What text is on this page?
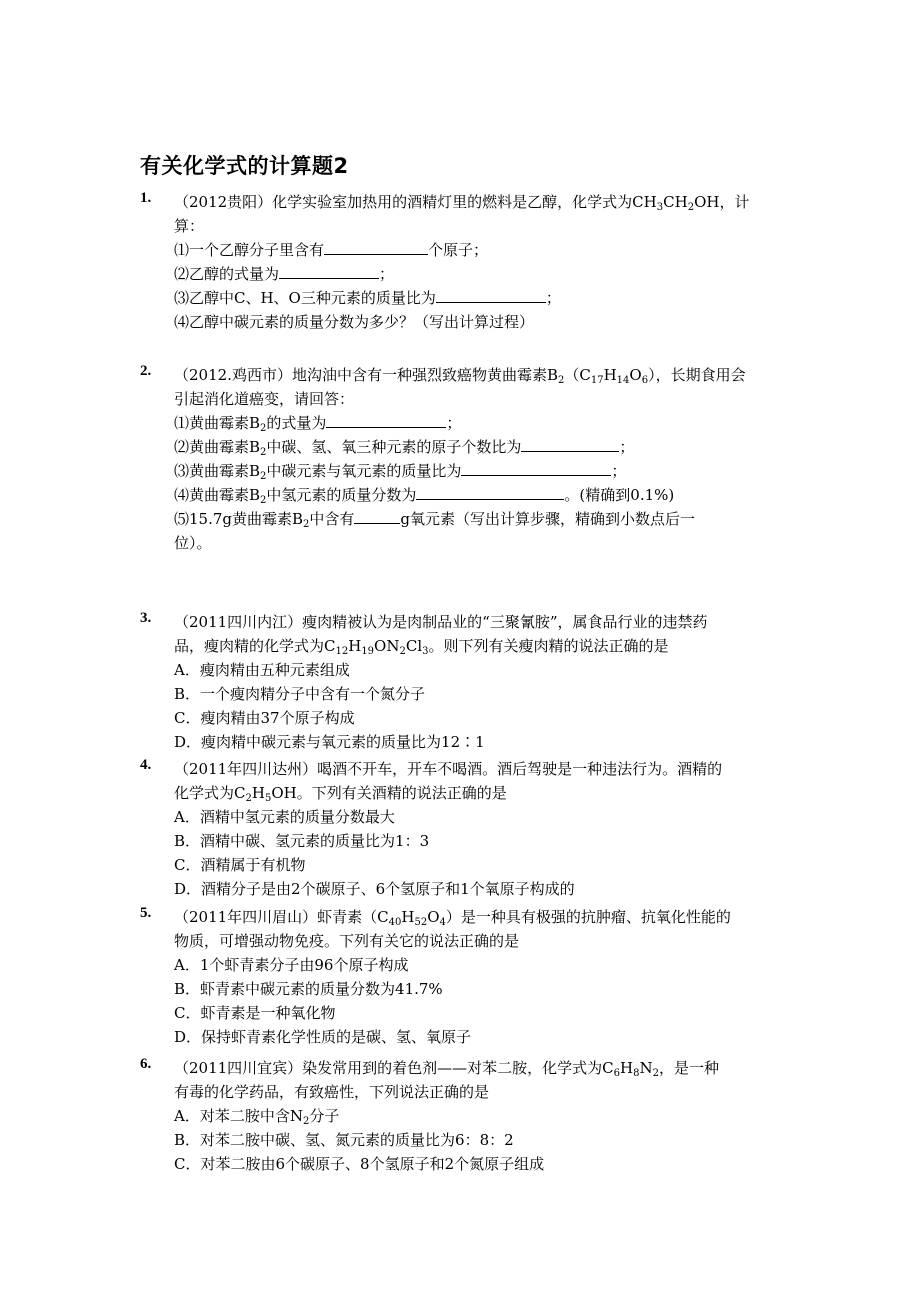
有关化学式的计算题2
1. （2012贵阳）化学实验室加热用的酒精灯里的燃料是乙醇，化学式为$CH_3CH_2OH$，计
算：
⑴一个乙醇分子里含有	个原子；
⑵乙醇的式量为	；
⑶乙醇中C、H、O三种元素的质量比为	；
⑷乙醇中碳元素的质量分数为多少？（写出计算过程）
2. （2012.鸡西市）地沟油中含有一种强烈致癌物黄曲霉素$B_2(C_{17}H_{14}O_6)$，长期食用会
引起消化道癌变，请回答：
⑴黄曲霉素$B_2$的式量为	；
⑵黄曲霉素$B_2$中碳、氢、氧三种元素的原子个数比为	；
⑶黄曲霉素$B_2$中碳元素与氧元素的质量比为	；
⑷黄曲霉素$B_2$中氢元素的质量分数为	。(精确到0.1%)
⑸15.7g黄曲霉素$B_2$中含有	g氧元素（写出计算步骤，精确到小数点后一
位）。
3. （2011四川内江）瘦肉精被认为是肉制品业的“三聚氰胺”，属食品行业的违禁药
品，瘦肉精的化学式为$C_{12}H_{19}ON_2Cl_3$。则下列有关瘦肉精的说法正确的是
A．瘦肉精由五种元素组成
B．一个瘦肉精分子中含有一个氮分子
C．瘦肉精由37个原子构成
D．瘦肉精中碳元素与氧元素的质量比为12∶1
4. （2011年四川达州）喝酒不开车，开车不喝酒。酒后驾驶是一种违法行为。酒精的
化学式为$C_2H_5OH$。下列有关酒精的说法正确的是
A．酒精中氢元素的质量分数最大
B．酒精中碳、氢元素的质量比为1：3
C．酒精属于有机物
D．酒精分子是由2个碳原子、6个氢原子和1个氧原子构成的
5. （2011年四川眉山）虾青素$(C_{40}H_{52}O_4)$是一种具有极强的抗肿瘤、抗氧化性能的
物质，可增强动物免疫。下列有关它的说法正确的是
A．1个虾青素分子由96个原子构成
B．虾青素中碳元素的质量分数为41.7%
C．虾青素是一种氧化物
D．保持虾青素化学性质的是碳、氢、氧原子
6. （2011四川宜宾）染发常用到的着色剂——对苯二胺，化学式为$C_6H_8N_2$，是一种
有毒的化学药品，有致癌性，下列说法正确的是
A．对苯二胺中含$N_2$分子
B．对苯二胺中碳、氢、氮元素的质量比为6：8：2
C．对苯二胺由6个碳原子、8个氢原子和2个氮原子组成
